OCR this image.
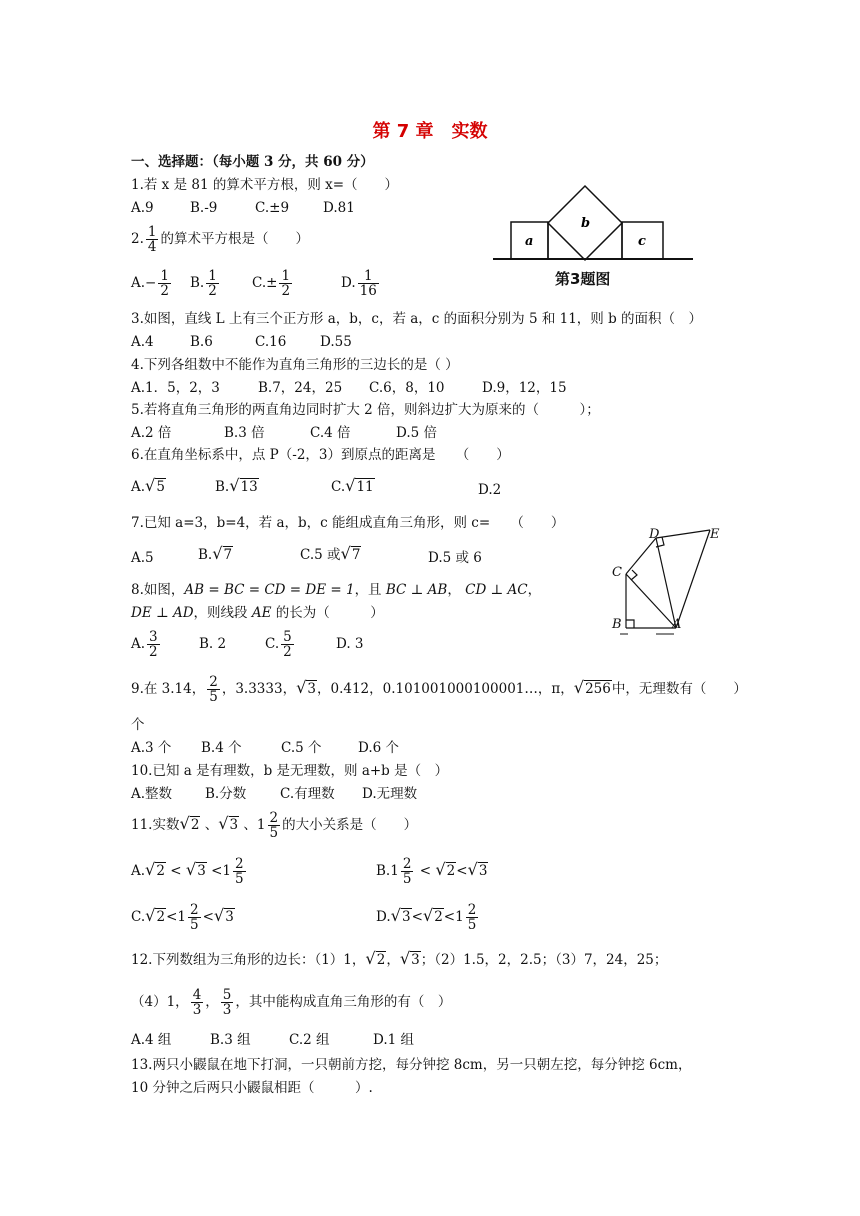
第 7 章　实数
一、选择题：（每小题 3 分，共 60 分）
1.若 x 是 81 的算术平方根，则 x=（　　）
A.9	B.-9	C.±9	D.81
2. $\frac{1}{4}$ 的算术平方根是（　　）
$A.- \frac{1}{2} B$. $\frac{1}{2} C.\pm \frac{1}{2}$	D. $\frac{1}{16}$
a
b
c
第3题图
3.如图，直线 L 上有三个正方形 a，b，c，若 a，c 的面积分别为 5 和 11，则 b 的面积（　）
A.4	B.6	C.16 D.55
4.下列各组数中不能作为直角三角形的三边长的是（ ）
A.1．5，2，3	B.7，24，25 C.6，8，10	D.9，12，15
5.若将直角三角形的两直角边同时扩大 2 倍，则斜边扩大为原来的（　　　）；
A.2 倍	B.3 倍	C.4 倍	D.5 倍
6.在直角坐标系中，点 P（-2，3）到原点的距离是　　（　　）
A.√5	B.√13	C.√11	D.2
7.已知 a=3，b=4，若 a，b，c 能组成直角三角形，则 c=　　（　　）
A.5	B.√7	C.5 或√7	D.5 或 6
A
B
C
D	E
8.如图，AB = BC = CD = DE = 1，且 BC ⊥ AB， CD ⊥ AC，
DE ⊥ AD，则线段 AE 的长为（　　　）
A. $\frac{3}{2}$	B. 2	C. $\frac{5}{2}$	D. 3
9.在 3.14， $\frac{2}{5}$ ，3.3333，√3，0.412̇，0.101001000100001…，π，√256中，无理数有（　　）
个
A.3 个 B.4 个	C.5 个	D.6 个
10.已知 a 是有理数，b 是无理数，则 a+b 是（　）
A.整数 B.分数	C.有理数 D.无理数
11.实数√2 、√3 、$1 \frac{2}{5}$ 的大小关系是（　　）
$A.√2 < √3 <1 \frac{2}{5}$	$B.1 \frac{2}{5} < √2<√3$
$C.√2<1 \frac{2}{5} <√3$	$D.√3<√2<1 \frac{2}{5}$
12.下列数组为三角形的边长：（1）1，√2，√3；（2）1.5，2，2.5；（3）7，24，25；
（4）1， $\frac{4}{3}$ ， $\frac{5}{3}$ ，其中能构成直角三角形的有（　）
A.4 组	B.3 组	C.2 组	D.1 组
13.两只小鼹鼠在地下打洞，一只朝前方挖，每分钟挖 8cm，另一只朝左挖，每分钟挖 6cm，
10 分钟之后两只小鼹鼠相距（　　　）.
